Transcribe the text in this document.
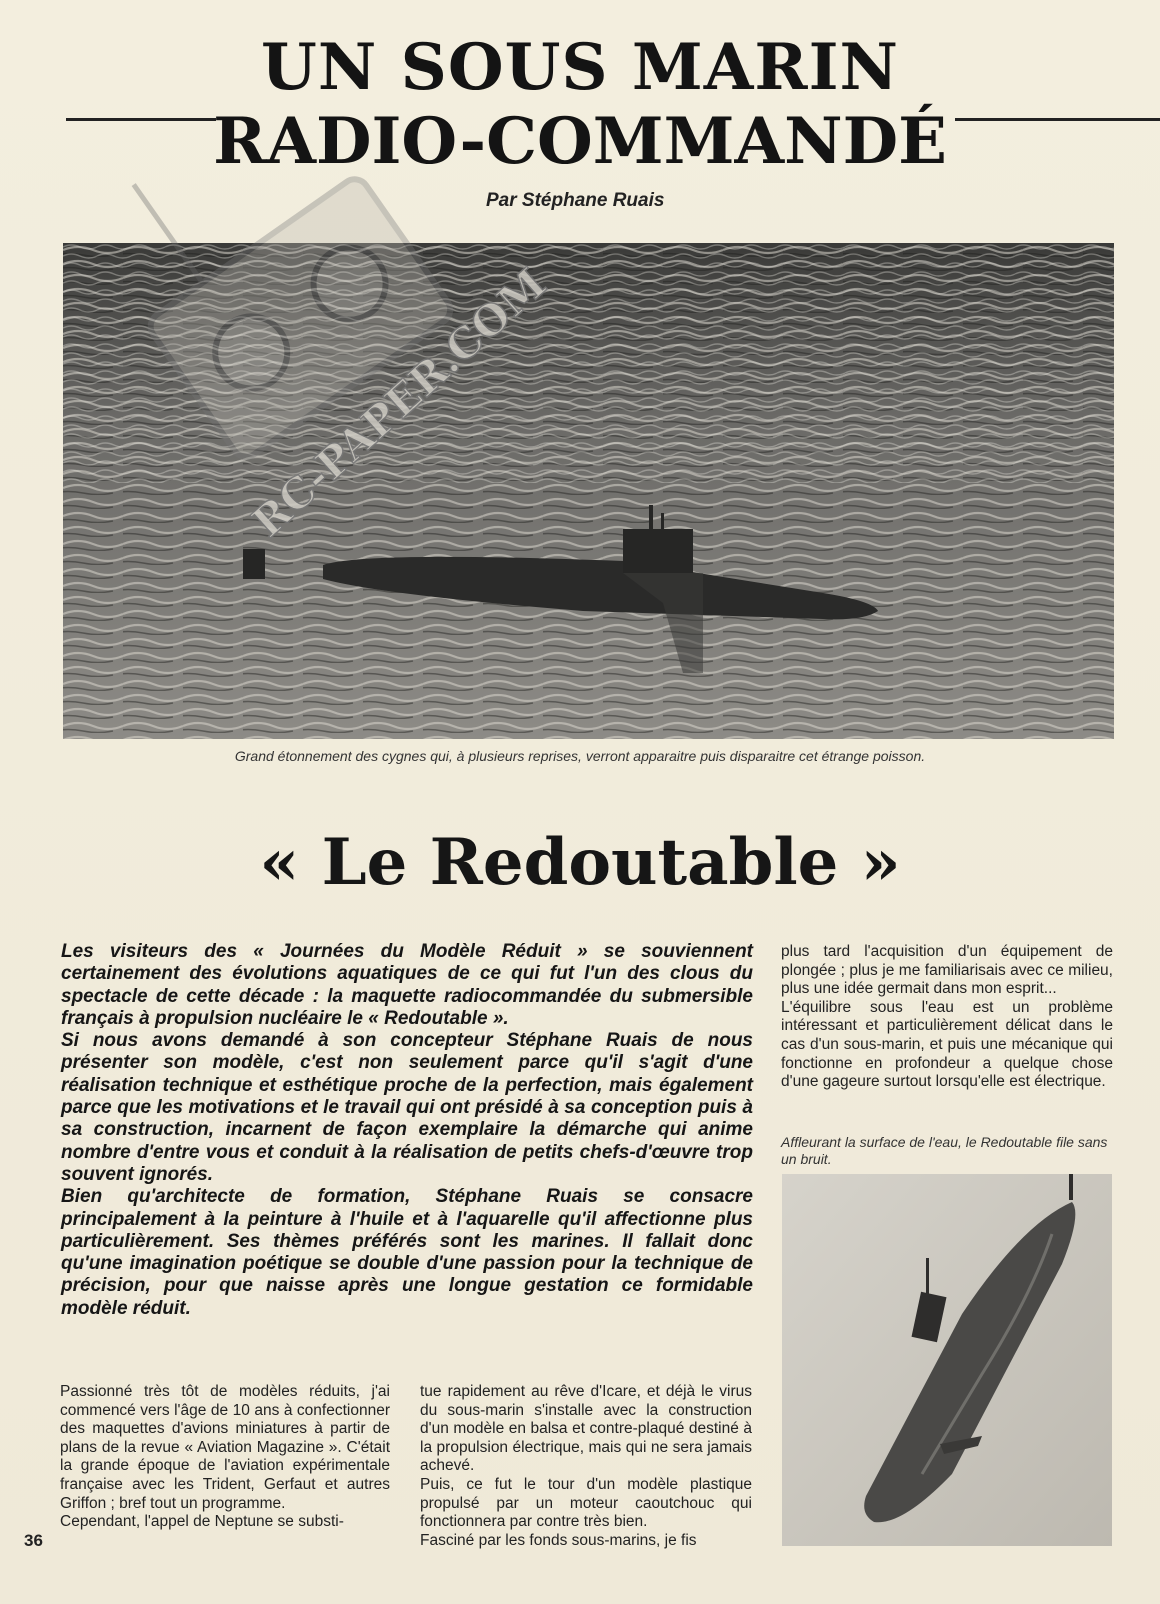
UN SOUS MARIN
RADIO-COMMANDÉ
Par Stéphane Ruais
Grand étonnement des cygnes qui, à plusieurs reprises, verront apparaitre puis disparaitre cet étrange poisson.
RC-PAPER.COM
« Le Redoutable »

Les visiteurs des « Journées du Modèle Réduit » se souviennent certainement des évolutions aquatiques de ce qui fut l'un des clous du spectacle de cette décade : la maquette radiocommandée du submersible français à propulsion nucléaire le « Redoutable ».

Si nous avons demandé à son concepteur Stéphane Ruais de nous présenter son modèle, c'est non seulement parce qu'il s'agit d'une réalisation technique et esthétique proche de la perfection, mais également parce que les motivations et le travail qui ont présidé à sa conception puis à sa construction, incarnent de façon exemplaire la démarche qui anime nombre d'entre vous et conduit à la réalisation de petits chefs-d'œuvre trop souvent ignorés.

Bien qu'architecte de formation, Stéphane Ruais se consacre principalement à la peinture à l'huile et à l'aquarelle qu'il affectionne plus particulièrement. Ses thèmes préférés sont les marines. Il fallait donc qu'une imagination poétique se double d'une passion pour la technique de précision, pour que naisse après une longue gestation ce formidable modèle réduit.

Passionné très tôt de modèles réduits, j'ai commencé vers l'âge de 10 ans à confectionner des maquettes d'avions miniatures à partir de plans de la revue « Aviation Magazine ». C'était la grande époque de l'aviation expérimentale française avec les Trident, Gerfaut et autres Griffon ; bref tout un programme.

Cependant, l'appel de Neptune se substi-

tue rapidement au rêve d'Icare, et déjà le virus du sous-marin s'installe avec la construction d'un modèle en balsa et contre-plaqué destiné à la propulsion électrique, mais qui ne sera jamais achevé.

Puis, ce fut le tour d'un modèle plastique propulsé par un moteur caoutchouc qui fonctionnera par contre très bien.

Fasciné par les fonds sous-marins, je fis

plus tard l'acquisition d'un équipement de plongée ; plus je me familiarisais avec ce milieu, plus une idée germait dans mon esprit...

L'équilibre sous l'eau est un problème intéressant et particulièrement délicat dans le cas d'un sous-marin, et puis une mécanique qui fonctionne en profondeur a quelque chose d'une gageure surtout lorsqu'elle est électrique.

Affleurant la surface de l'eau, le Redoutable file sans un bruit.
36
